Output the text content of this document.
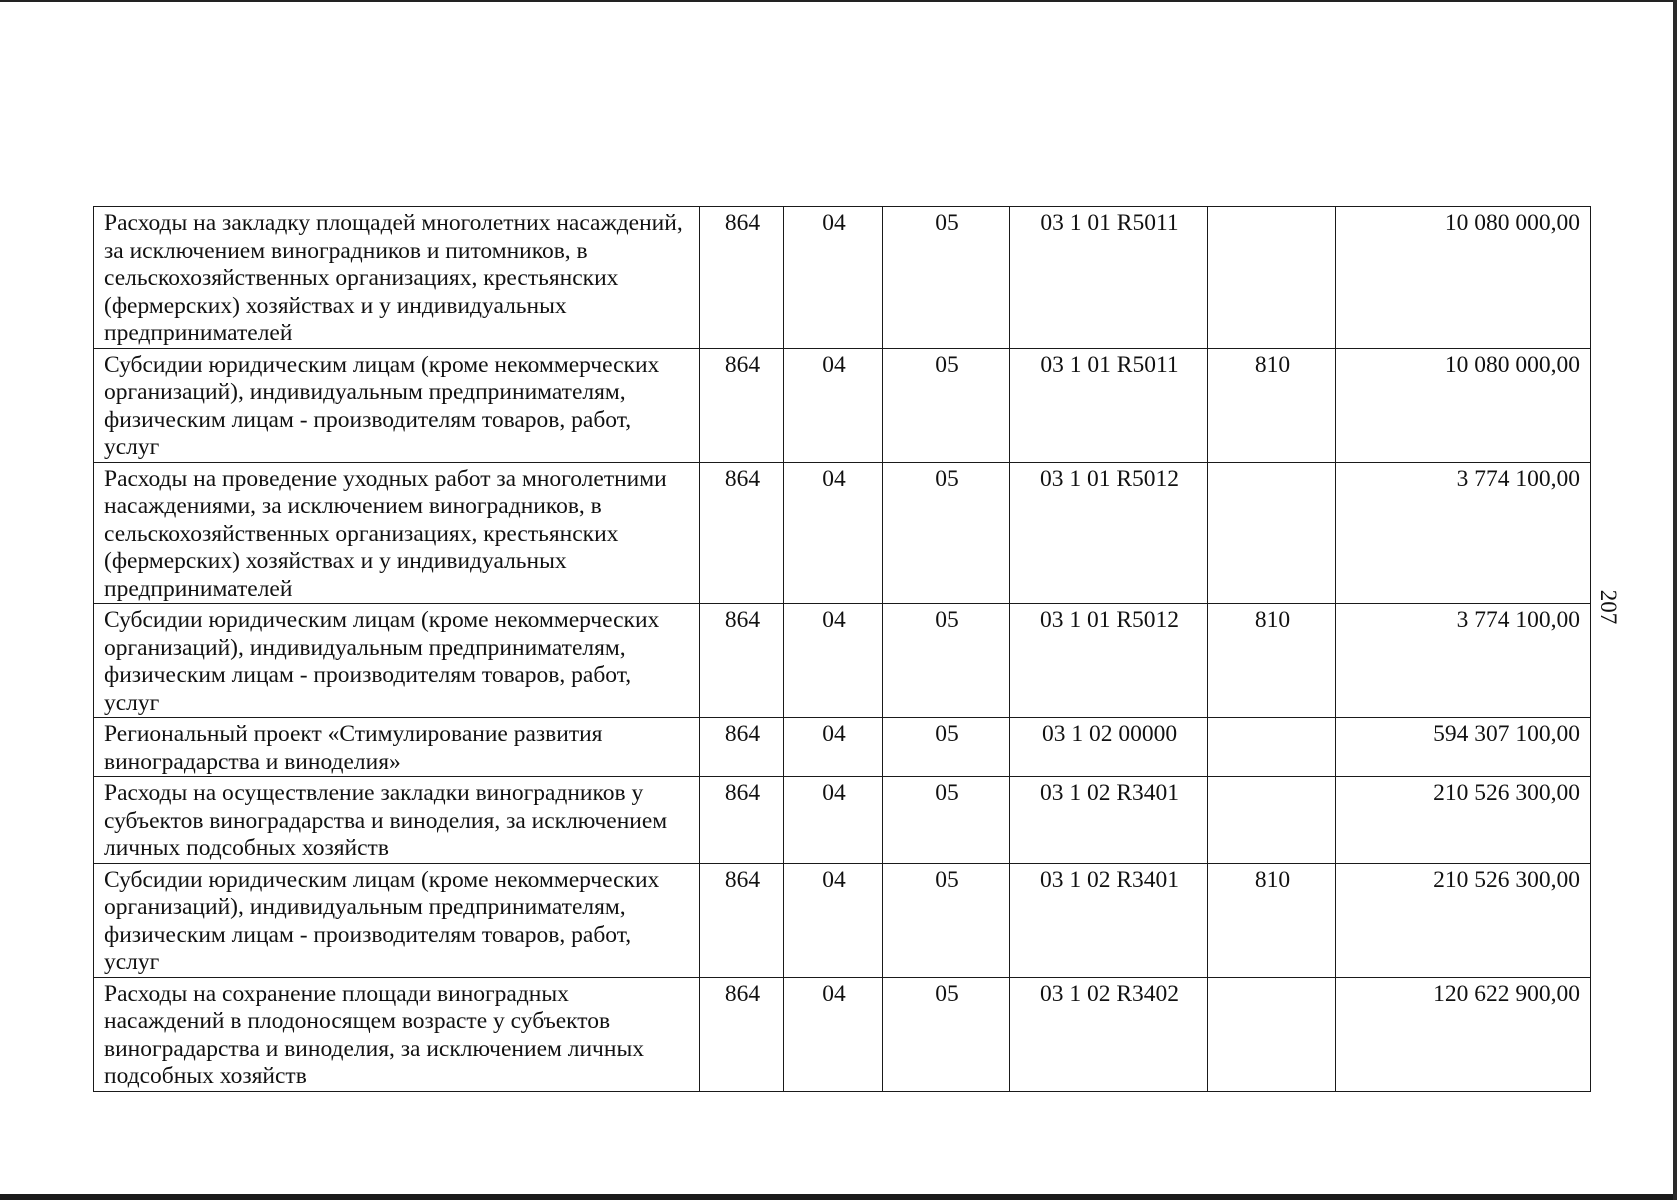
207
Расходы на закладку площадей многолетних насаждений, за исключением виноградников и питомников, в сельскохозяйственных организациях, крестьянских (фермерских) хозяйствах и у индивидуальных предпринимателей	864	04	05	03 1 01 R5011		10 080 000,00
Субсидии юридическим лицам (кроме некоммерческих организаций), индивидуальным предпринимателям, физическим лицам - производителям товаров, работ, услуг	864	04	05	03 1 01 R5011	810	10 080 000,00
Расходы на проведение уходных работ за многолетними насаждениями, за исключением виноградников, в сельскохозяйственных организациях, крестьянских (фермерских) хозяйствах и у индивидуальных предпринимателей	864	04	05	03 1 01 R5012		3 774 100,00
Субсидии юридическим лицам (кроме некоммерческих организаций), индивидуальным предпринимателям, физическим лицам - производителям товаров, работ, услуг	864	04	05	03 1 01 R5012	810	3 774 100,00
Региональный проект «Стимулирование развития виноградарства и виноделия»	864	04	05	03 1 02 00000		594 307 100,00
Расходы на осуществление закладки виноградников у субъектов виноградарства и виноделия, за исключением личных подсобных хозяйств	864	04	05	03 1 02 R3401		210 526 300,00
Субсидии юридическим лицам (кроме некоммерческих организаций), индивидуальным предпринимателям, физическим лицам - производителям товаров, работ, услуг	864	04	05	03 1 02 R3401	810	210 526 300,00
Расходы на сохранение площади виноградных насаждений в плодоносящем возрасте у субъектов виноградарства и виноделия, за исключением личных подсобных хозяйств	864	04	05	03 1 02 R3402		120 622 900,00
